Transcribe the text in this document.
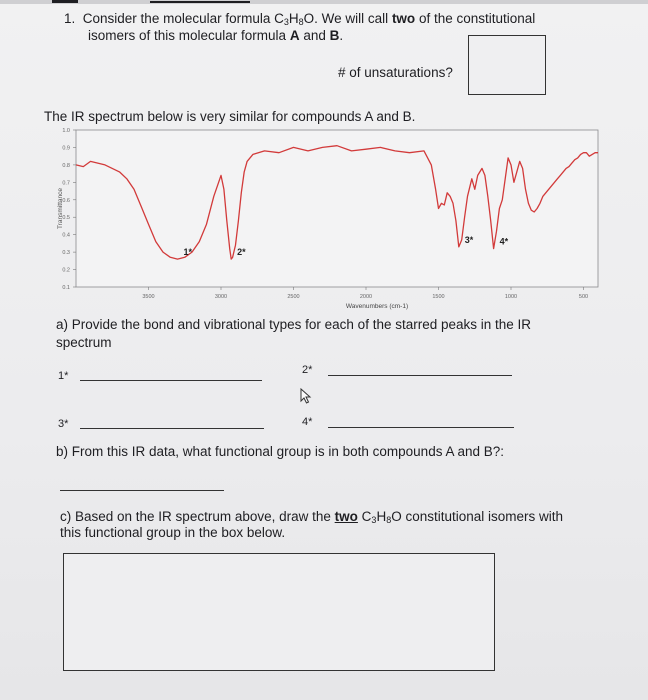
1. Consider the molecular formula $C_3H_8O$. We will call two of the constitutional
isomers of this molecular formula A and B.
# of unsaturations?
The IR spectrum below is very similar for compounds A and B.
1.0
0.9
0.8
0.7
0.6
0.5
0.4
0.3
0.2
0.1
3500	3000	2500	2000	1500	1000	500
Transmittance
Wavenumbers (cm-1)
1*	2*
3*	4*
a) Provide the bond and vibrational types for each of the starred peaks in the IR
spectrum
1*	2*
3*	4*
b) From this IR data, what functional group is in both compounds A and B?:
c) Based on the IR spectrum above, draw the two $C_3H_8O$ constitutional isomers with
this functional group in the box below.
